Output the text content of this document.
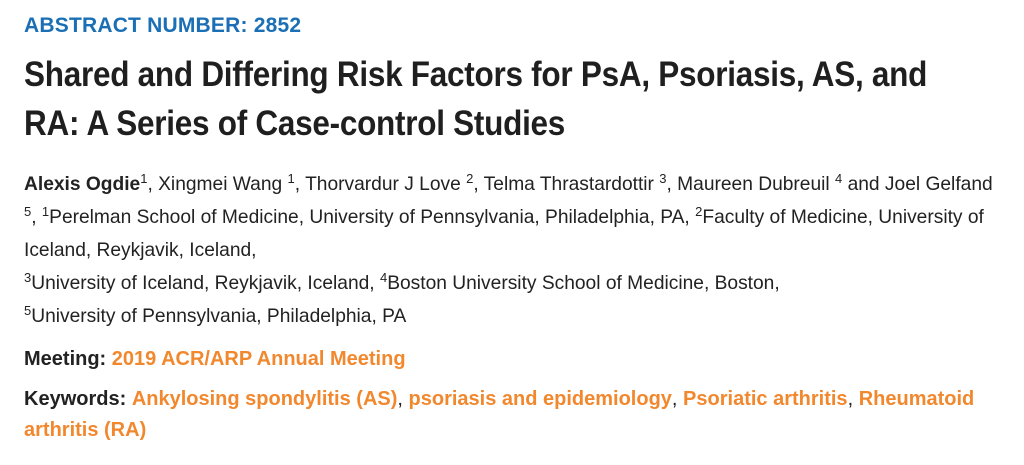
ABSTRACT NUMBER: 2852
Shared and Differing Risk Factors for PsA, Psoriasis, AS, and
RA: A Series of Case-control Studies
Alexis Ogdie$^1$, Xingmei Wang $^1$, Thorvardur J Love $^2$, Telma Thrastardottir $^3$, Maureen Dubreuil $^4$ and Joel Gelfand $^5$, $^1$Perelman School of Medicine, University of Pennsylvania, Philadelphia, PA, $^2$Faculty of Medicine, University of Iceland, Reykjavik, Iceland,
$^3$University of Iceland, Reykjavik, Iceland, $^4$Boston University School of Medicine, Boston,
$^5$University of Pennsylvania, Philadelphia, PA
Meeting: 2019 ACR/ARP Annual Meeting
Keywords: Ankylosing spondylitis (AS), psoriasis and epidemiology, Psoriatic arthritis, Rheumatoid arthritis (RA)
